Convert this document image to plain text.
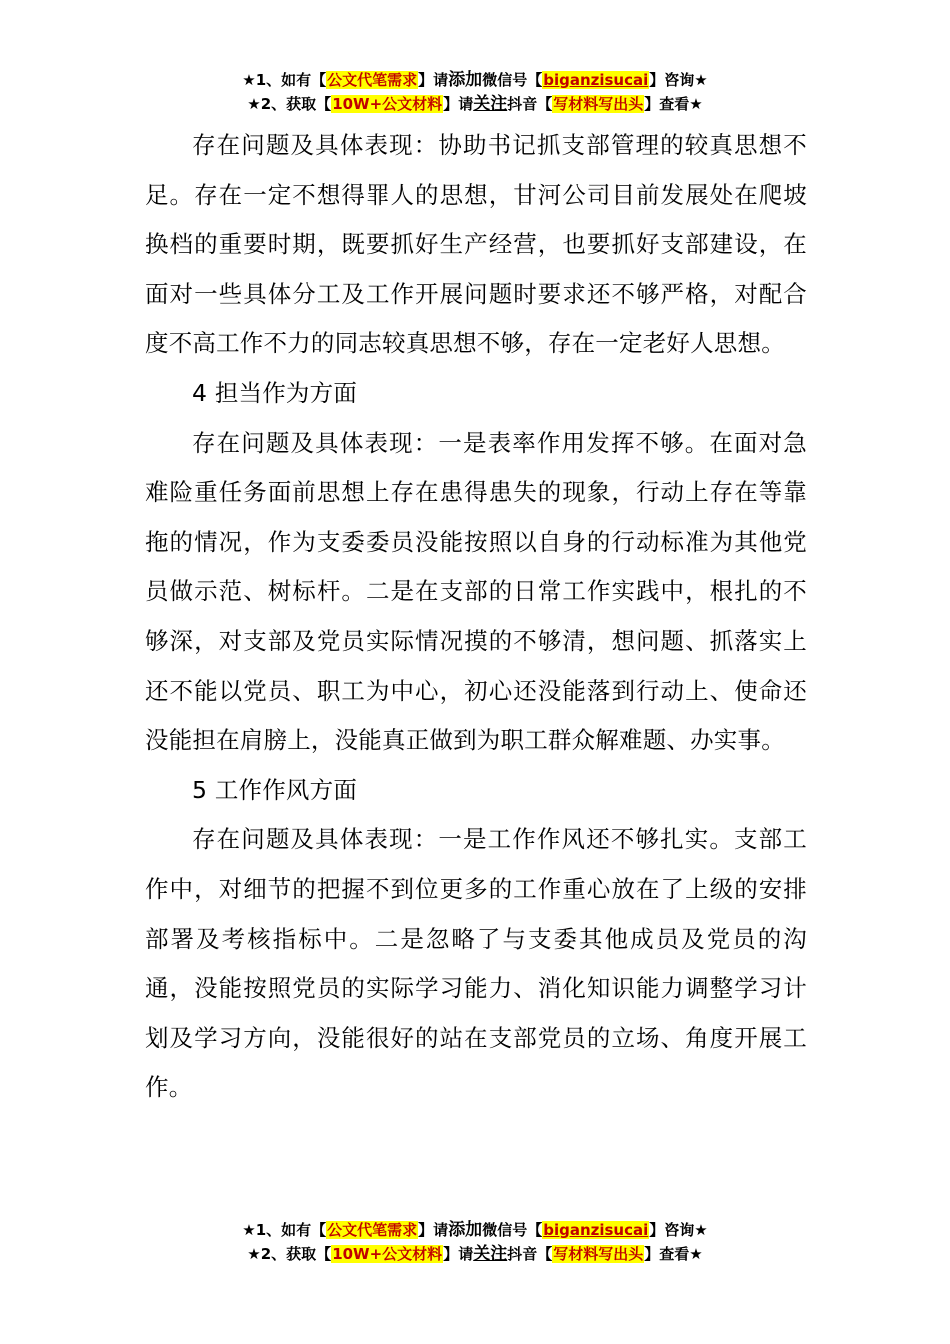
★1、如有【公文代笔需求】请添加微信号【biganzisucai】咨询★
★2、获取【10W+公文材料】请关注抖音【写材料写出头】查看★

存在问题及具体表现：协助书记抓支部管理的较真思想不足。存在一定不想得罪人的思想，甘河公司目前发展处在爬坡换档的重要时期，既要抓好生产经营，也要抓好支部建设，在面对一些具体分工及工作开展问题时要求还不够严格，对配合度不高工作不力的同志较真思想不够，存在一定老好人思想。

4 担当作为方面

存在问题及具体表现：一是表率作用发挥不够。在面对急难险重任务面前思想上存在患得患失的现象，行动上存在等靠拖的情况，作为支委委员没能按照以自身的行动标准为其他党员做示范、树标杆。二是在支部的日常工作实践中，根扎的不够深，对支部及党员实际情况摸的不够清，想问题、抓落实上还不能以党员、职工为中心，初心还没能落到行动上、使命还没能担在肩膀上，没能真正做到为职工群众解难题、办实事。

5 工作作风方面

存在问题及具体表现：一是工作作风还不够扎实。支部工作中，对细节的把握不到位更多的工作重心放在了上级的安排部署及考核指标中。二是忽略了与支委其他成员及党员的沟通，没能按照党员的实际学习能力、消化知识能力调整学习计划及学习方向，没能很好的站在支部党员的立场、角度开展工作。

★1、如有【公文代笔需求】请添加微信号【biganzisucai】咨询★
★2、获取【10W+公文材料】请关注抖音【写材料写出头】查看★
